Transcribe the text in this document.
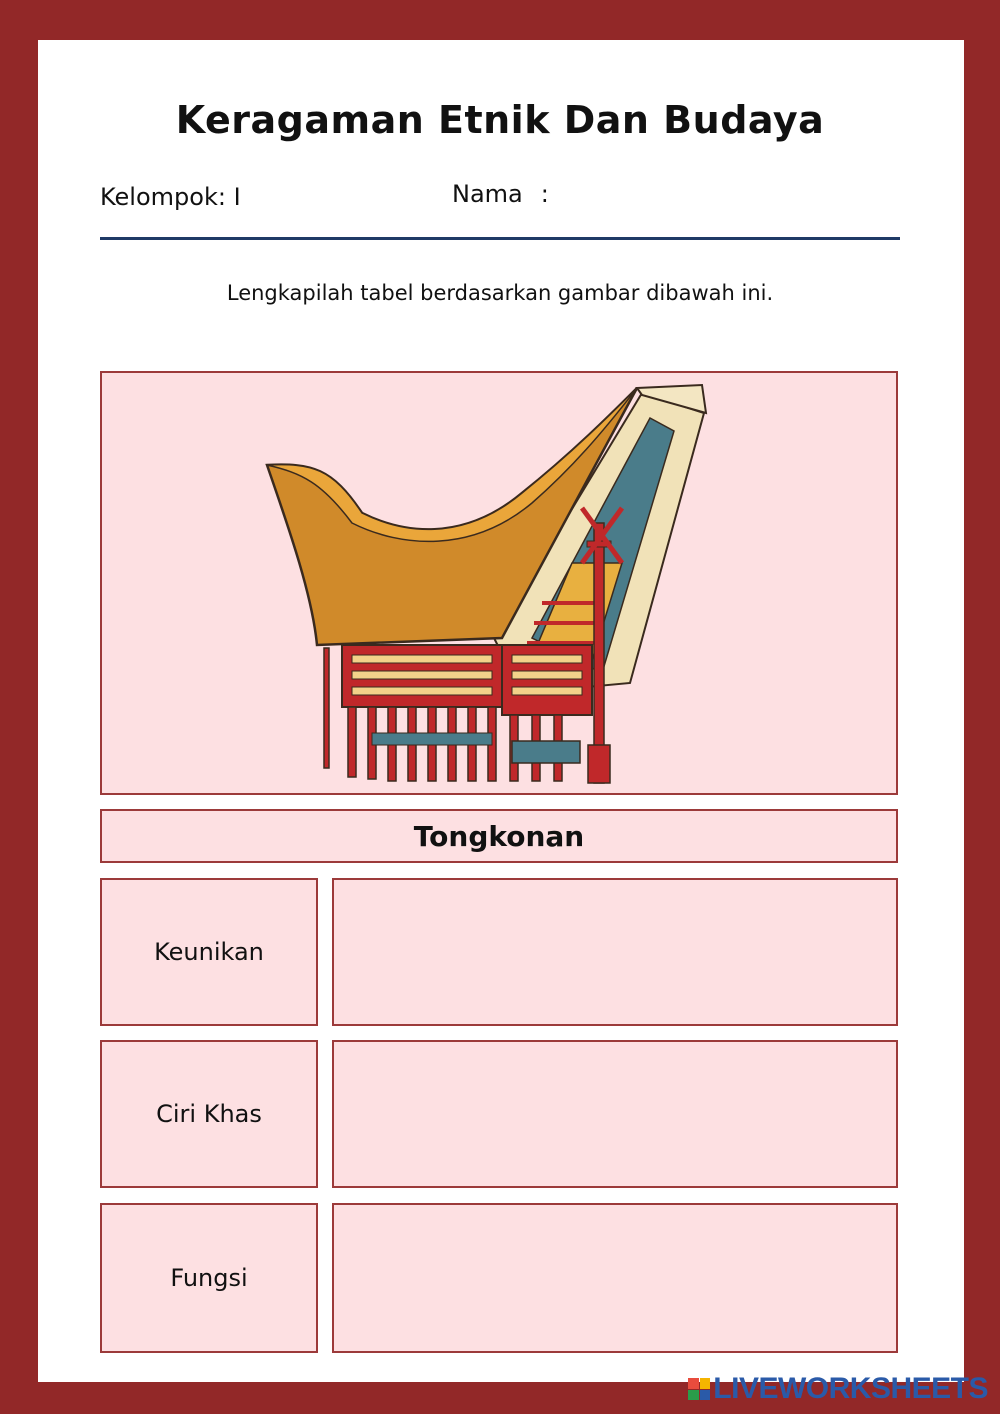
Keragaman Etnik Dan Budaya
Kelompok: I	Nama :
Lengkapilah tabel berdasarkan gambar dibawah ini.
Tongkonan
Keunikan
Ciri Khas
Fungsi
LIVEWORKSHEETS
